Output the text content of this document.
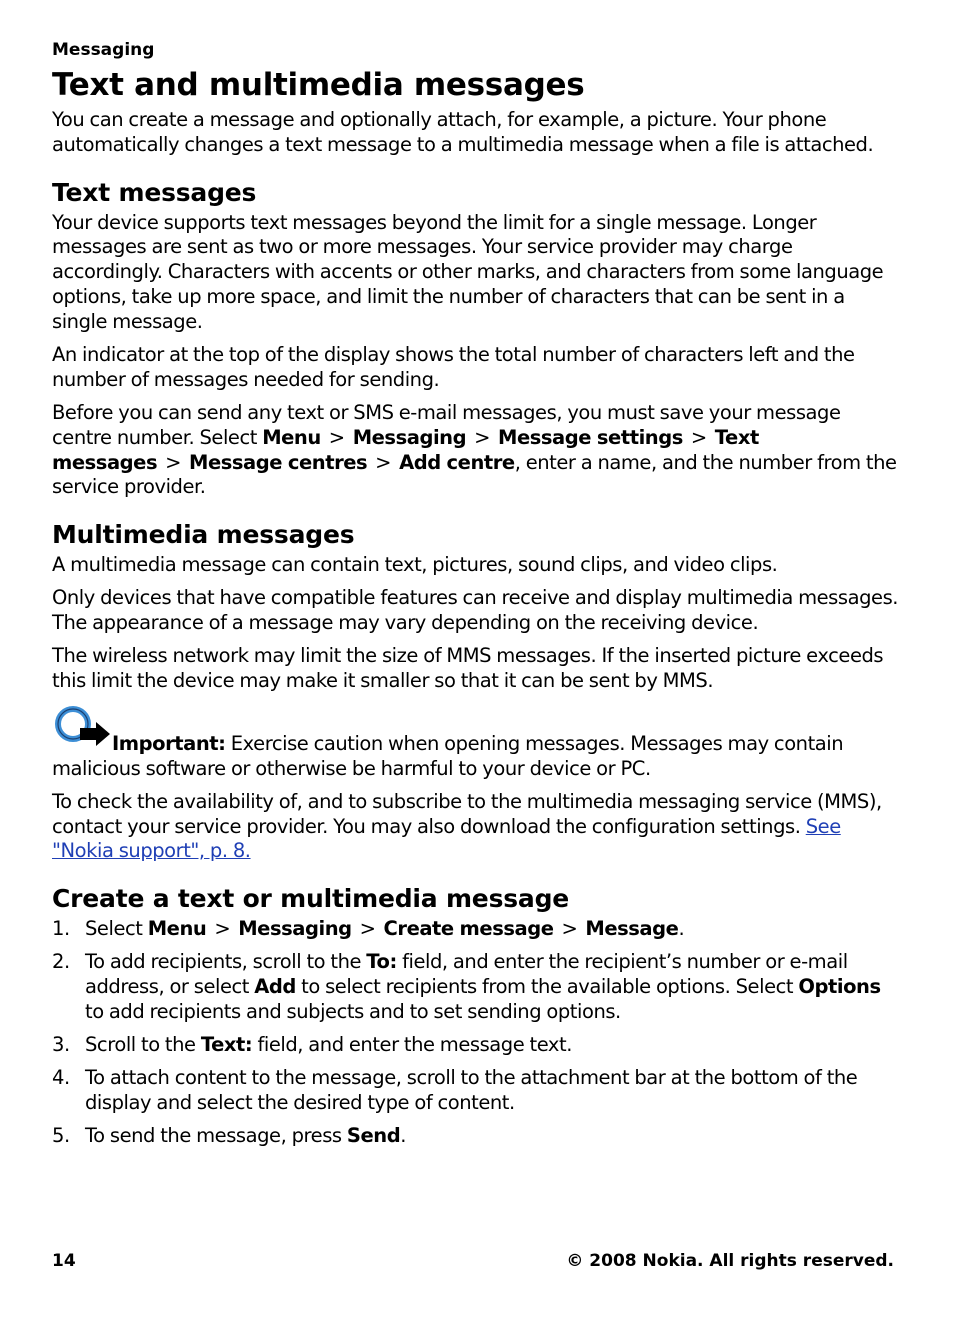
Messaging
Text and multimedia messages

You can create a message and optionally attach, for example, a picture. Your phone automatically changes a text message to a multimedia message when a file is attached.

Text messages

Your device supports text messages beyond the limit for a single message. Longer messages are sent as two or more messages. Your service provider may charge accordingly. Characters with accents or other marks, and characters from some language options, take up more space, and limit the number of characters that can be sent in a single message.

An indicator at the top of the display shows the total number of characters left and the number of messages needed for sending.

Before you can send any text or SMS e-mail messages, you must save your message centre number. Select Menu > Messaging > Message settings > Text messages > Message centres > Add centre, enter a name, and the number from the service provider.

Multimedia messages

A multimedia message can contain text, pictures, sound clips, and video clips.

Only devices that have compatible features can receive and display multimedia messages. The appearance of a message may vary depending on the receiving device.

The wireless network may limit the size of MMS messages. If the inserted picture exceeds this limit the device may make it smaller so that it can be sent by MMS.

Important: Exercise caution when opening messages. Messages may contain malicious software or otherwise be harmful to your device or PC.

To check the availability of, and to subscribe to the multimedia messaging service (MMS), contact your service provider. You may also download the configuration settings. See "Nokia support", p. 8.

Create a text or multimedia message
1. Select Menu > Messaging > Create message > Message.
2. To add recipients, scroll to the To: field, and enter the recipient’s number or e-mail address, or select Add to select recipients from the available options. Select Options to add recipients and subjects and to set sending options.
3. Scroll to the Text: field, and enter the message text.
4. To attach content to the message, scroll to the attachment bar at the bottom of the display and select the desired type of content.
5. To send the message, press Send.
14	© 2008 Nokia. All rights reserved.
